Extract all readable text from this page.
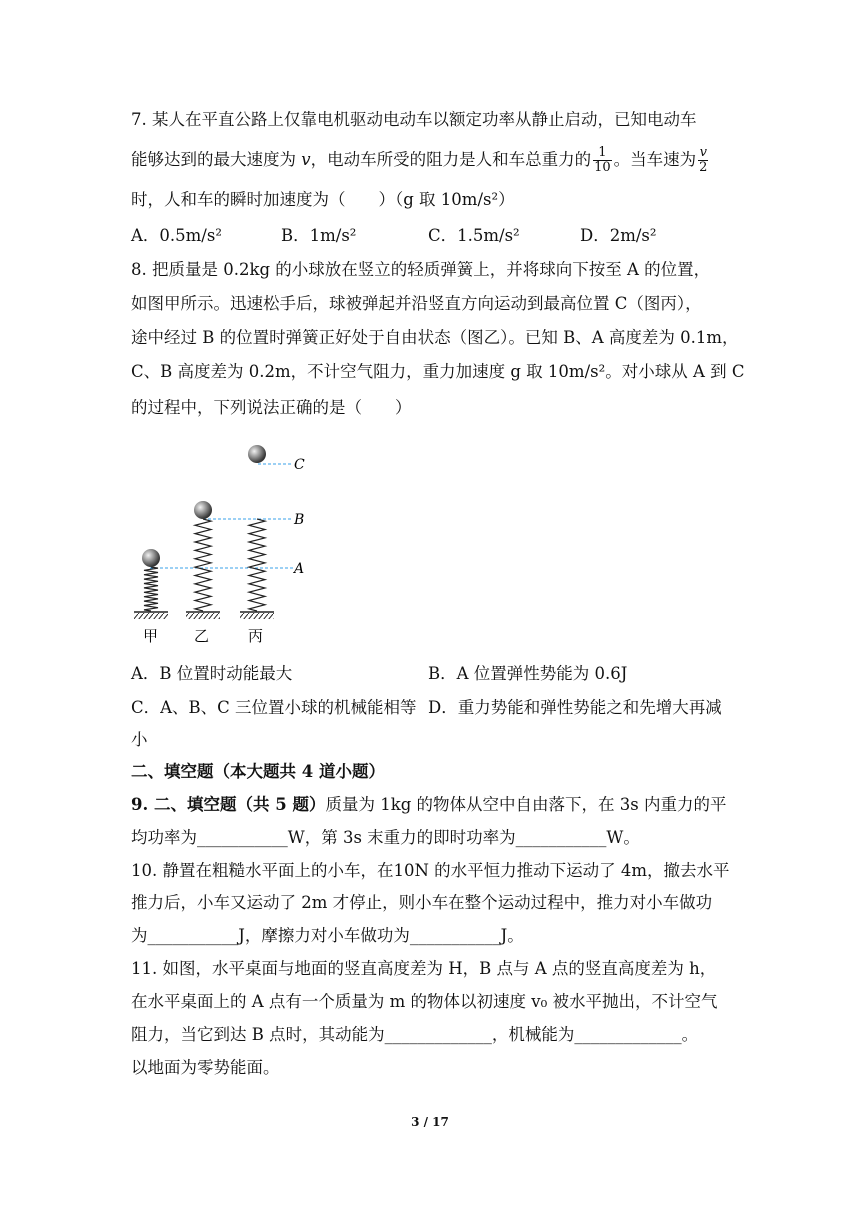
7. 某人在平直公路上仅靠电机驱动电动车以额定功率从静止启动，已知电动车
能够达到的最大速度为 v，电动车所受的阻力是人和车总重力的 $\frac{1}{10}$ 。当车速为 $\frac{v}{2}$
时，人和车的瞬时加速度为（　　）（g 取 10m/s²）
A．0.5m/s²	B．1m/s²	C．1.5m/s²	D．2m/s²
8. 把质量是 0.2kg 的小球放在竖立的轻质弹簧上，并将球向下按至 A 的位置，
如图甲所示。迅速松手后，球被弹起并沿竖直方向运动到最高位置 C（图丙），
途中经过 B 的位置时弹簧正好处于自由状态（图乙）。已知 B、A 高度差为 0.1m，
C、B 高度差为 0.2m，不计空气阻力，重力加速度 g 取 10m/s²。对小球从 A 到 C
的过程中，下列说法正确的是（　　）
C
B
A
甲 乙	丙
A．B 位置时动能最大	B．A 位置弹性势能为 0.6J
C．A、B、C 三位置小球的机械能相等 D．重力势能和弹性势能之和先增大再减
小
二、填空题（本大题共 4 道小题）
9. 二、填空题（共 5 题）质量为 1kg 的物体从空中自由落下，在 3s 内重力的平
均功率为___________W，第 3s 末重力的即时功率为___________W。
10. 静置在粗糙水平面上的小车，在10N 的水平恒力推动下运动了 4m，撤去水平
推力后，小车又运动了 2m 才停止，则小车在整个运动过程中，推力对小车做功
为___________J，摩擦力对小车做功为___________J。
11. 如图，水平桌面与地面的竖直高度差为 H，B 点与 A 点的竖直高度差为 h，
在水平桌面上的 A 点有一个质量为 m 的物体以初速度 v₀ 被水平抛出，不计空气
阻力，当它到达 B 点时，其动能为_____________，机械能为_____________。
以地面为零势能面。
3 / 17
